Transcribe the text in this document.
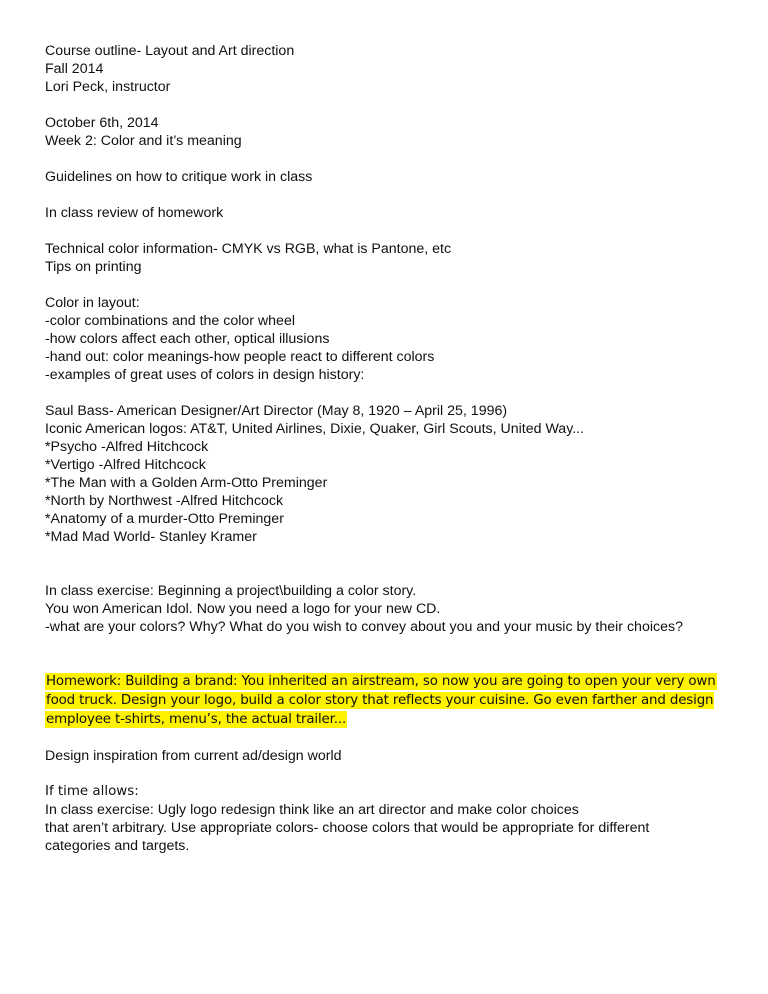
Course outline- Layout and Art direction
Fall 2014
Lori Peck, instructor
October 6th, 2014
Week 2: Color and it’s meaning
Guidelines on how to critique work in class
In class review of homework
Technical color information- CMYK vs RGB, what is Pantone, etc
Tips on printing
Color in layout:
-color combinations and the color wheel
-how colors affect each other, optical illusions
-hand out: color meanings-how people react to different colors
-examples of great uses of colors in design history:
Saul Bass- American Designer/Art Director (May 8, 1920 – April 25, 1996)
Iconic American logos: AT&T, United Airlines, Dixie, Quaker, Girl Scouts, United Way...
*Psycho -Alfred Hitchcock
*Vertigo -Alfred Hitchcock
*The Man with a Golden Arm-Otto Preminger
*North by Northwest -Alfred Hitchcock
*Anatomy of a murder-Otto Preminger
*Mad Mad World- Stanley Kramer
In class exercise: Beginning a project\building a color story.
You won American Idol. Now you need a logo for your new CD.
-what are your colors? Why? What do you wish to convey about you and your music by their choices?
Homework: Building a brand: You inherited an airstream, so now you are going to open your very own
food truck. Design your logo, build a color story that reflects your cuisine. Go even farther and design
employee t-shirts, menu’s, the actual trailer...
Design inspiration from current ad/design world
If time allows:
In class exercise: Ugly logo redesign think like an art director and make color choices
that aren’t arbitrary. Use appropriate colors- choose colors that would be appropriate for different
categories and targets.
